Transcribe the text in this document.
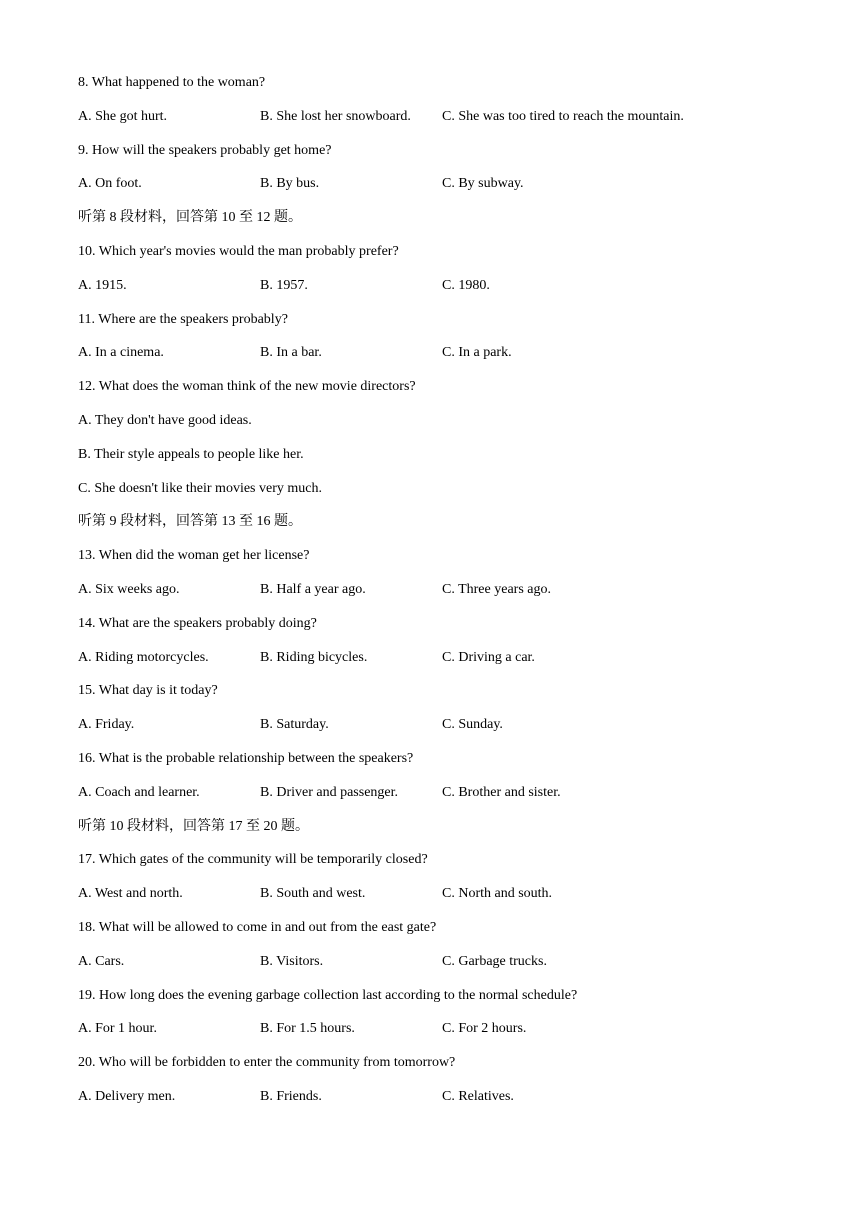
8. What happened to the woman?
A. She got hurt.	B. She lost her snowboard. C. She was too tired to reach the mountain.
9. How will the speakers probably get home?
A. On foot.	B. By bus.	C. By subway.
听第 8 段材料，回答第 10 至 12 题。
10. Which year's movies would the man probably prefer?
A. 1915.	B. 1957.	C. 1980.
11. Where are the speakers probably?
A. In a cinema.	B. In a bar.	C. In a park.
12. What does the woman think of the new movie directors?
A. They don't have good ideas.
B. Their style appeals to people like her.
C. She doesn't like their movies very much.
听第 9 段材料，回答第 13 至 16 题。
13. When did the woman get her license?
A. Six weeks ago.	B. Half a year ago.	C. Three years ago.
14. What are the speakers probably doing?
A. Riding motorcycles.	B. Riding bicycles.	C. Driving a car.
15. What day is it today?
A. Friday.	B. Saturday.	C. Sunday.
16. What is the probable relationship between the speakers?
A. Coach and learner.	B. Driver and passenger.	C. Brother and sister.
听第 10 段材料，回答第 17 至 20 题。
17. Which gates of the community will be temporarily closed?
A. West and north.	B. South and west.	C. North and south.
18. What will be allowed to come in and out from the east gate?
A. Cars.	B. Visitors.	C. Garbage trucks.
19. How long does the evening garbage collection last according to the normal schedule?
A. For 1 hour.	B. For 1.5 hours.	C. For 2 hours.
20. Who will be forbidden to enter the community from tomorrow?
A. Delivery men.	B. Friends.	C. Relatives.
